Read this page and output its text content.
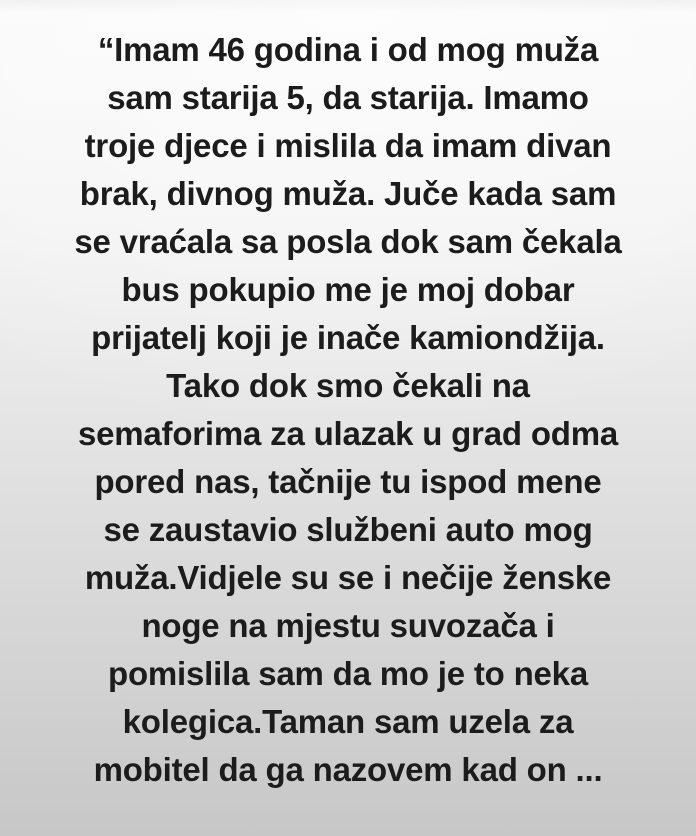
“Imam 46 godina i od mog muža
sam starija 5, da starija. Imamo
troje djece i mislila da imam divan
brak, divnog muža. Juče kada sam
se vraćala sa posla dok sam čekala
bus pokupio me je moj dobar
prijatelj koji je inače kamiondžija.
Tako dok smo čekali na
semaforima za ulazak u grad odma
pored nas, tačnije tu ispod mene
se zaustavio službeni auto mog
muža.Vidjele su se i nečije ženske
noge na mjestu suvozača i
pomislila sam da mo je to neka
kolegica.Taman sam uzela za
mobitel da ga nazovem kad on ...
